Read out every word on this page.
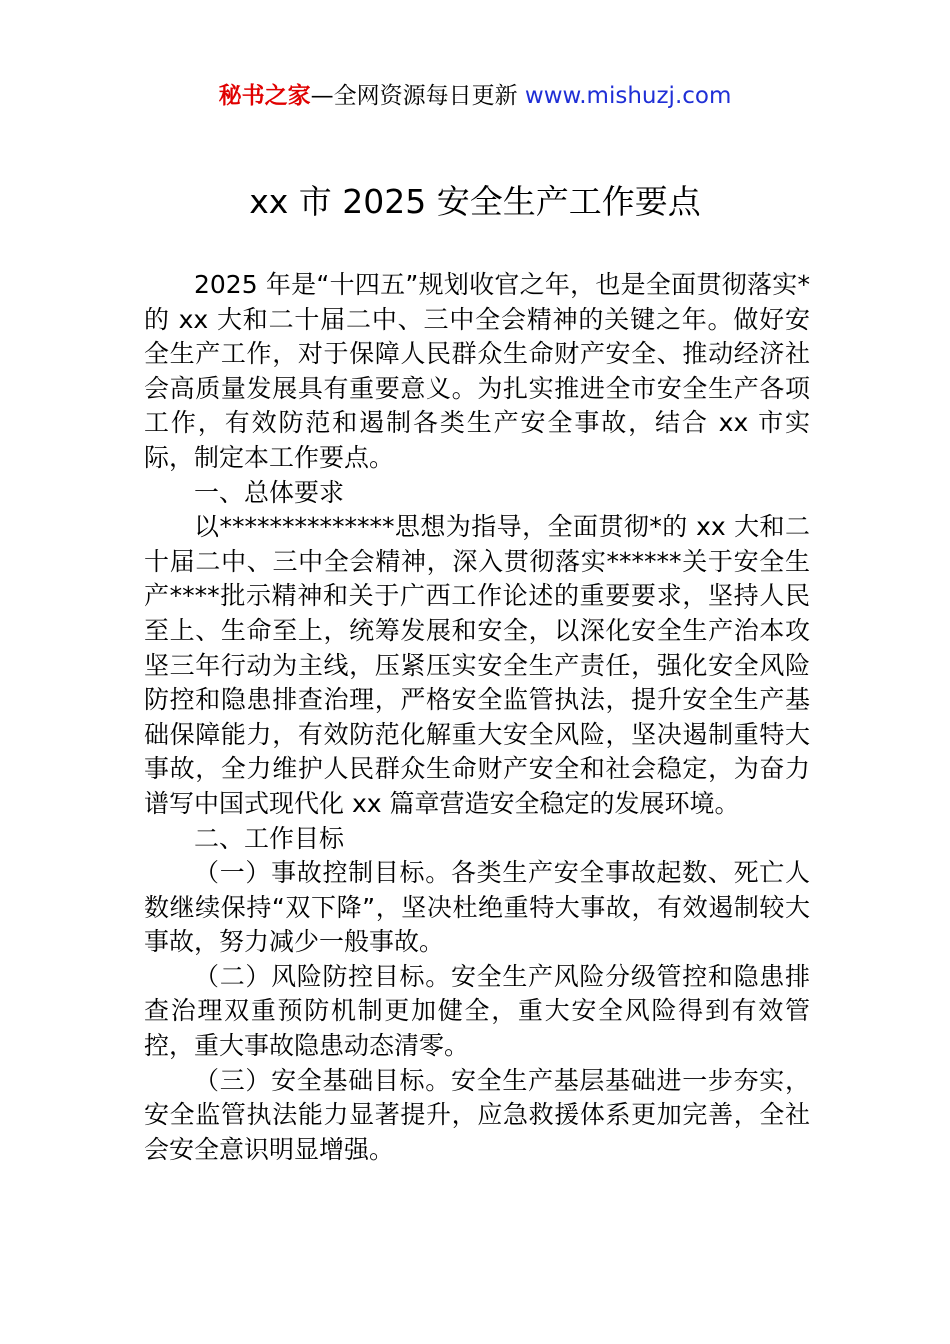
秘书之家—全网资源每日更新 www.mishuzj.com
xx 市 2025 安全生产工作要点

2025 年是“十四五”规划收官之年，也是全面贯彻落实*的 xx 大和二十届二中、三中全会精神的关键之年。做好安全生产工作，对于保障人民群众生命财产安全、推动经济社会高质量发展具有重要意义。为扎实推进全市安全生产各项工作，有效防范和遏制各类生产安全事故，结合 xx 市实际，制定本工作要点。

一、总体要求

以**************思想为指导，全面贯彻*的 xx 大和二十届二中、三中全会精神，深入贯彻落实******关于安全生产****批示精神和关于广西工作论述的重要要求，坚持人民至上、生命至上，统筹发展和安全，以深化安全生产治本攻坚三年行动为主线，压紧压实安全生产责任，强化安全风险防控和隐患排查治理，严格安全监管执法，提升安全生产基础保障能力，有效防范化解重大安全风险，坚决遏制重特大事故，全力维护人民群众生命财产安全和社会稳定，为奋力谱写中国式现代化 xx 篇章营造安全稳定的发展环境。

二、工作目标

（一）事故控制目标。各类生产安全事故起数、死亡人数继续保持“双下降”，坚决杜绝重特大事故，有效遏制较大事故，努力减少一般事故。

（二）风险防控目标。安全生产风险分级管控和隐患排查治理双重预防机制更加健全，重大安全风险得到有效管控，重大事故隐患动态清零。

（三）安全基础目标。安全生产基层基础进一步夯实，安全监管执法能力显著提升，应急救援体系更加完善，全社会安全意识明显增强。
